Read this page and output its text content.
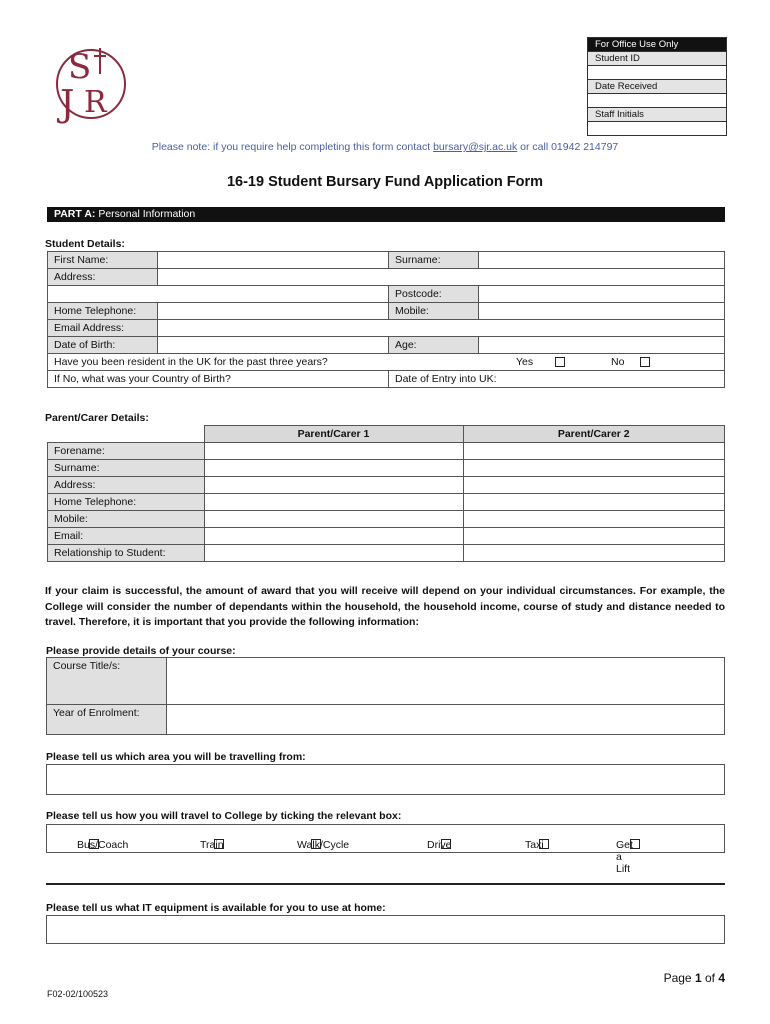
S
J R
For Office Use Only
Student ID
Date Received
Staff Initials
Please note: if you require help completing this form contact bursary@sjr.ac.uk or call 01942 214797
16-19 Student Bursary Fund Application Form
PART A: Personal Information
Student Details:
First Name:		Surname:	
Address:			
		Postcode:	
Home Telephone:		Mobile:	
Email Address:			
Date of Birth:		Age:	
Have you been resident in the UK for the past three years? Yes No			

If No, what was your Country of Birth?		Date of Entry into UK:	
Parent/Carer Details:
	Parent/Carer 1	Parent/Carer 2
Forename:		
Surname:		
Address:		
Home Telephone:		
Mobile:		
Email:		
Relationship to Student:		
If your claim is successful, the amount of award that you will receive will depend on your individual circumstances. For example, the College will consider the number of dependants within the household, the household income, course of study and distance needed to travel. Therefore, it is important that you provide the following information:
Please provide details of your course:
Course Title/s:	
Year of Enrolment:	
Please tell us which area you will be travelling from:
Please tell us how you will travel to College by ticking the relevant box:
Bus/Coach	Train	Walk/Cycle	Drive	Taxi	Get a Lift
Please tell us what IT equipment is available for you to use at home:
Page 1 of 4
F02-02/100523
